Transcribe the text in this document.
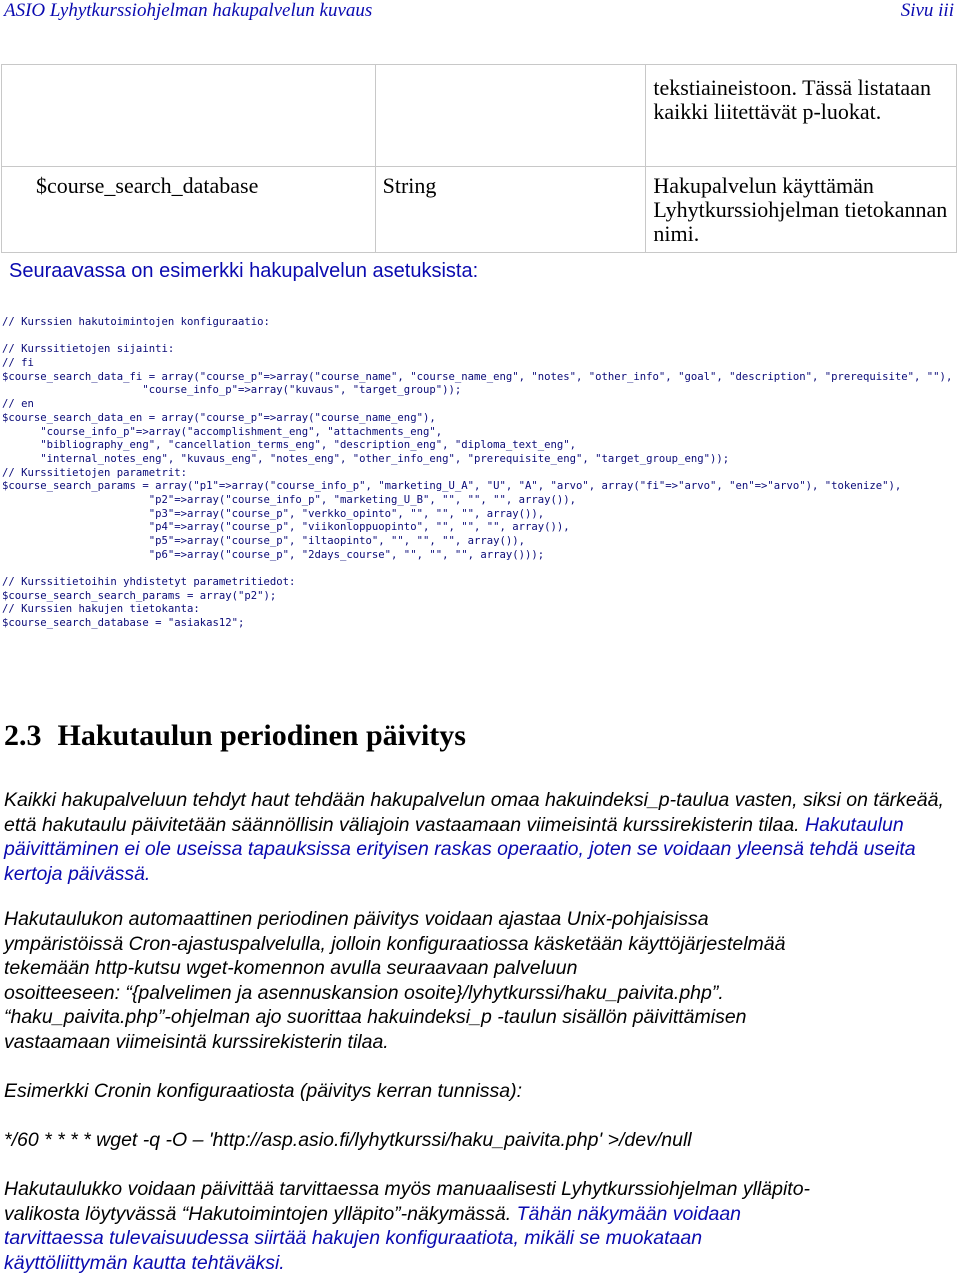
ASIO Lyhytkurssiohjelman hakupalvelun kuvaus	Sivu iii
		tekstiaineistoon. Tässä listataan kaikki liitettävät p-luokat.
$course_search_database	String	Hakupalvelun käyttämän Lyhytkurssiohjelman tietokannan nimi.
Seuraavassa on esimerkki hakupalvelun asetuksista:
// Kurssien hakutoimintojen konfiguraatio:
// Kurssitietojen sijainti:
// fi
$course_search_data_fi = array("course_p"=>array("course_name", "course_name_eng", "notes", "other_info", "goal", "description", "prerequisite", ""),
"course_info_p"=>array("kuvaus", "target_group"));
// en
$course_search_data_en = array("course_p"=>array("course_name_eng"),
"course_info_p"=>array("accomplishment_eng", "attachments_eng",
"bibliography_eng", "cancellation_terms_eng", "description_eng", "diploma_text_eng",
"internal_notes_eng", "kuvaus_eng", "notes_eng", "other_info_eng", "prerequisite_eng", "target_group_eng"));
// Kurssitietojen parametrit:
$course_search_params = array("p1"=>array("course_info_p", "marketing_U_A", "U", "A", "arvo", array("fi"=>"arvo", "en"=>"arvo"), "tokenize"),
"p2"=>array("course_info_p", "marketing_U_B", "", "", "", array()),
"p3"=>array("course_p", "verkko_opinto", "", "", "", array()),
"p4"=>array("course_p", "viikonloppuopinto", "", "", "", array()),
"p5"=>array("course_p", "iltaopinto", "", "", "", array()),
"p6"=>array("course_p", "2days_course", "", "", "", array()));
// Kurssitietoihin yhdistetyt parametritiedot:
$course_search_search_params = array("p2");
// Kurssien hakujen tietokanta:
$course_search_database = "asiakas12";
2.3 Hakutaulun periodinen päivitys

Kaikki hakupalveluun tehdyt haut tehdään hakupalvelun omaa hakuindeksi_p-taulua vasten, siksi on tärkeää, että hakutaulu päivitetään säännöllisin väliajoin vastaamaan viimeisintä kurssirekisterin tilaa. Hakutaulun päivittäminen ei ole useissa tapauksissa erityisen raskas operaatio, joten se voidaan yleensä tehdä useita kertoja päivässä.

Hakutaulukon automaattinen periodinen päivitys voidaan ajastaa Unix-pohjaisissa

ympäristöissä Cron-ajastuspalvelulla, jolloin konfiguraatiossa käsketään käyttöjärjestelmää

tekemään http-kutsu wget-komennon avulla seuraavaan palveluun

osoitteeseen: “{palvelimen ja asennuskansion osoite}/lyhytkurssi/haku_paivita.php”.

“haku_paivita.php”-ohjelman ajo suorittaa hakuindeksi_p -taulun sisällön päivittämisen

vastaamaan viimeisintä kurssirekisterin tilaa.

Esimerkki Cronin konfiguraatiosta (päivitys kerran tunnissa):

*/60 * * * * wget -q -O – 'http://asp.asio.fi/lyhytkurssi/haku_paivita.php' >/dev/null

Hakutaulukko voidaan päivittää tarvittaessa myös manuaalisesti Lyhytkurssiohjelman ylläpito-

valikosta löytyvässä “Hakutoimintojen ylläpito”-näkymässä. Tähän näkymään voidaan

tarvittaessa tulevaisuudessa siirtää hakujen konfiguraatiota, mikäli se muokataan

käyttöliittymän kautta tehtäväksi.
